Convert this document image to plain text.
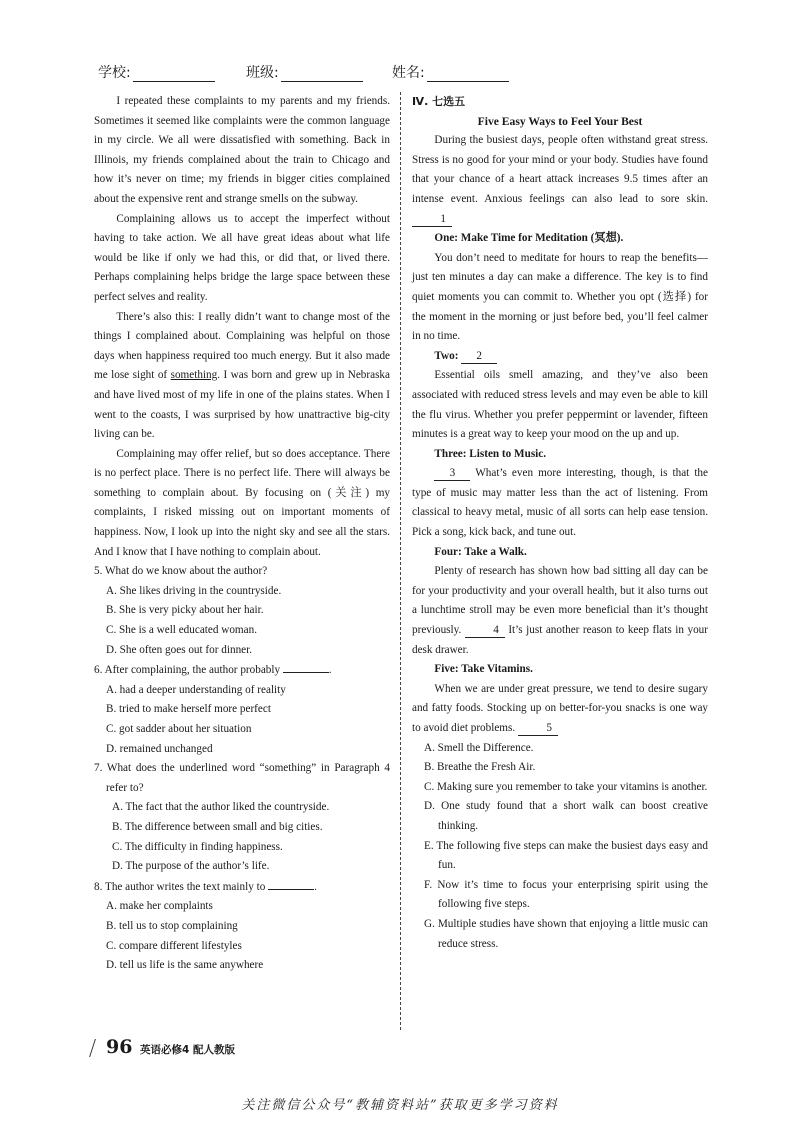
学校:	班级:	姓名:

I repeated these complaints to my parents and my friends. Sometimes it seemed like complaints were the common language in my circle. We all were dissatisfied with something. Back in Illinois, my friends complained about the train to Chicago and how it’s never on time; my friends in bigger cities complained about the expensive rent and strange smells on the subway.

Complaining allows us to accept the imperfect without having to take action. We all have great ideas about what life would be like if only we had this, or did that, or lived there. Perhaps complaining helps bridge the large space between these perfect selves and reality.

There’s also this: I really didn’t want to change most of the things I complained about. Complaining was helpful on those days when happiness required too much energy. But it also made me lose sight of something. I was born and grew up in Nebraska and have lived most of my life in one of the plains states. When I went to the coasts, I was surprised by how unattractive big-city living can be.

Complaining may offer relief, but so does acceptance. There is no perfect place. There is no perfect life. There will always be something to complain about. By focusing on (关注) my complaints, I risked missing out on important moments of happiness. Now, I look up into the night sky and see all the stars. And I know that I have nothing to complain about.

5. What do we know about the author?

A. She likes driving in the countryside.

B. She is very picky about her hair.

C. She is a well educated woman.

D. She often goes out for dinner.

6. After complaining, the author probably	.

A. had a deeper understanding of reality

B. tried to make herself more perfect

C. got sadder about her situation

D. remained unchanged

7. What does the underlined word “something” in Paragraph 4 refer to?

A. The fact that the author liked the countryside.

B. The difference between small and big cities.

C. The difficulty in finding happiness.

D. The purpose of the author’s life.

8. The author writes the text mainly to	.

A. make her complaints

B. tell us to stop complaining

C. compare different lifestyles

D. tell us life is the same anywhere

Ⅳ. 七选五

Five Easy Ways to Feel Your Best

During the busiest days, people often withstand great stress. Stress is no good for your mind or your body. Studies have found that your chance of a heart attack increases 9.5 times after an intense event. Anxious feelings can also lead to sore skin. 1

One: Make Time for Meditation (冥想).

You don’t need to meditate for hours to reap the benefits—just ten minutes a day can make a difference. The key is to find quiet moments you can commit to. Whether you opt (选择) for the moment in the morning or just before bed, you’ll feel calmer in no time.

Two: 2

Essential oils smell amazing, and they’ve also been associated with reduced stress levels and may even be able to kill the flu virus. Whether you prefer peppermint or lavender, fifteen minutes is a great way to keep your mood on the up and up.

Three: Listen to Music.

3 What’s even more interesting, though, is that the type of music may matter less than the act of listening. From classical to heavy metal, music of all sorts can help ease tension. Pick a song, kick back, and tune out.

Four: Take a Walk.

Plenty of research has shown how bad sitting all day can be for your productivity and your overall health, but it also turns out a lunchtime stroll may be even more beneficial than it’s thought previously.	4 It’s just another reason to keep flats in your desk drawer.

Five: Take Vitamins.

When we are under great pressure, we tend to desire sugary and fatty foods. Stocking up on better-for-you snacks is one way to avoid diet problems.	5

A. Smell the Difference.

B. Breathe the Fresh Air.

C. Making sure you remember to take your vitamins is another.

D. One study found that a short walk can boost creative thinking.

E. The following five steps can make the busiest days easy and fun.

F. Now it’s time to focus your enterprising spirit using the following five steps.

G. Multiple studies have shown that enjoying a little music can reduce stress.

96 英语必修4 配人教版
关注微信公众号“教辅资料站”获取更多学习资料
